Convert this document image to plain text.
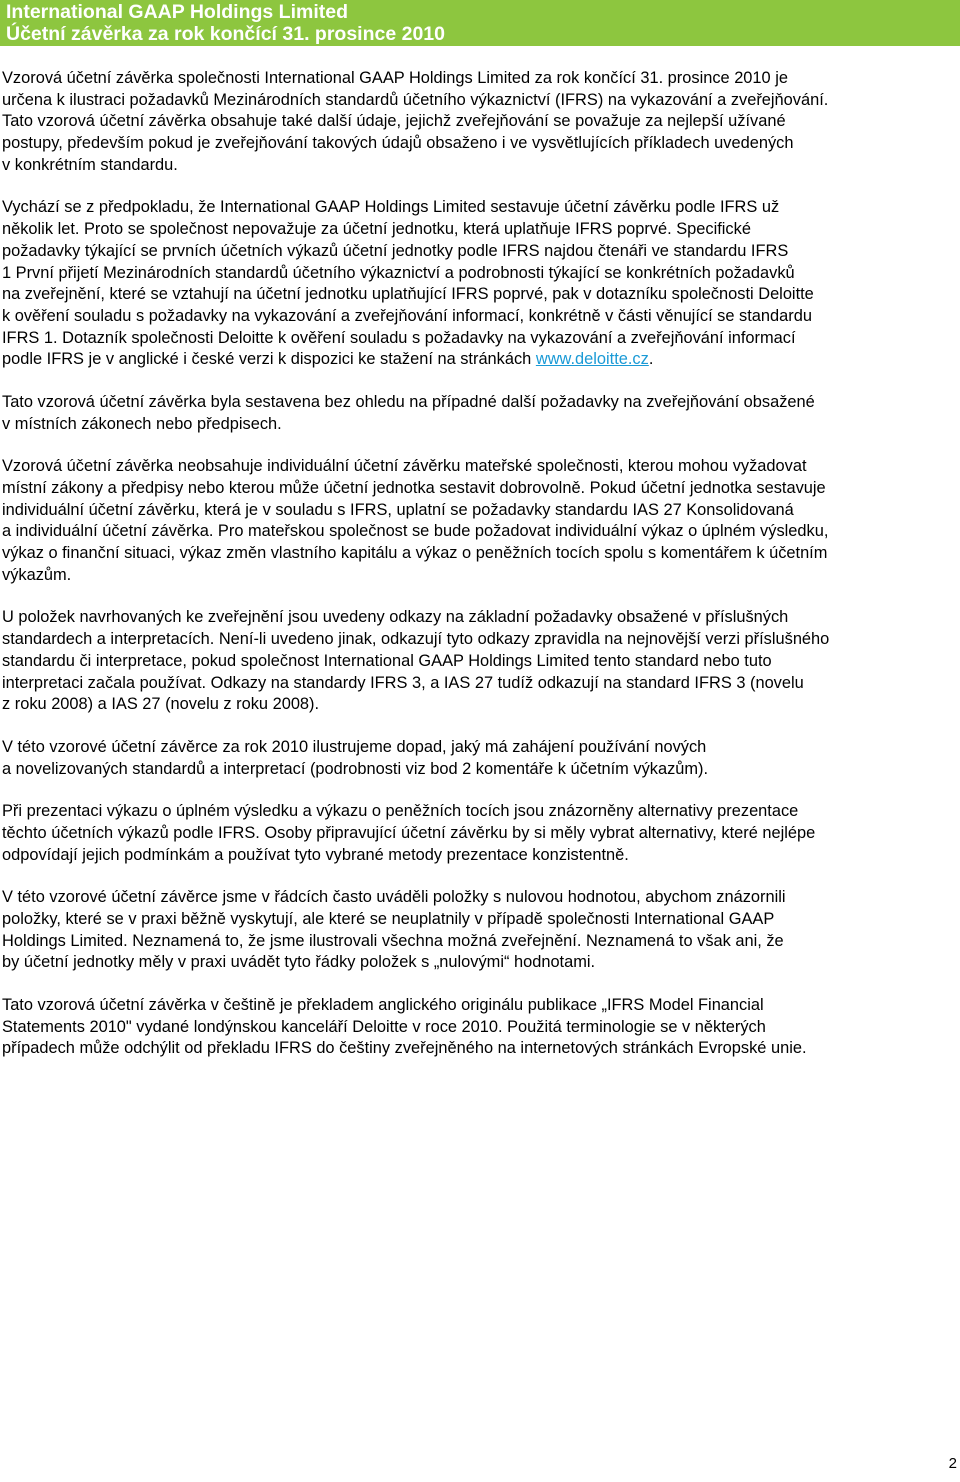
International GAAP Holdings Limited
Účetní závěrka za rok končící 31. prosince 2010
Vzorová účetní závěrka společnosti International GAAP Holdings Limited za rok končící 31. prosince 2010 je
určena k ilustraci požadavků Mezinárodních standardů účetního výkaznictví (IFRS) na vykazování a zveřejňování.
Tato vzorová účetní závěrka obsahuje také další údaje, jejichž zveřejňování se považuje za nejlepší užívané
postupy, především pokud je zveřejňování takových údajů obsaženo i ve vysvětlujících příkladech uvedených
v konkrétním standardu.
Vychází se z předpokladu, že International GAAP Holdings Limited sestavuje účetní závěrku podle IFRS už
několik let. Proto se společnost nepovažuje za účetní jednotku, která uplatňuje IFRS poprvé. Specifické
požadavky týkající se prvních účetních výkazů účetní jednotky podle IFRS najdou čtenáři ve standardu IFRS
1 První přijetí Mezinárodních standardů účetního výkaznictví a podrobnosti týkající se konkrétních požadavků
na zveřejnění, které se vztahují na účetní jednotku uplatňující IFRS poprvé, pak v dotazníku společnosti Deloitte
k ověření souladu s požadavky na vykazování a zveřejňování informací, konkrétně v části věnující se standardu
IFRS 1. Dotazník společnosti Deloitte k ověření souladu s požadavky na vykazování a zveřejňování informací
podle IFRS je v anglické i české verzi k dispozici ke stažení na stránkách www.deloitte.cz.
Tato vzorová účetní závěrka byla sestavena bez ohledu na případné další požadavky na zveřejňování obsažené
v místních zákonech nebo předpisech.
Vzorová účetní závěrka neobsahuje individuální účetní závěrku mateřské společnosti, kterou mohou vyžadovat
místní zákony a předpisy nebo kterou může účetní jednotka sestavit dobrovolně. Pokud účetní jednotka sestavuje
individuální účetní závěrku, která je v souladu s IFRS, uplatní se požadavky standardu IAS 27 Konsolidovaná
a individuální účetní závěrka. Pro mateřskou společnost se bude požadovat individuální výkaz o úplném výsledku,
výkaz o finanční situaci, výkaz změn vlastního kapitálu a výkaz o peněžních tocích spolu s komentářem k účetním
výkazům.
U položek navrhovaných ke zveřejnění jsou uvedeny odkazy na základní požadavky obsažené v příslušných
standardech a interpretacích. Není-li uvedeno jinak, odkazují tyto odkazy zpravidla na nejnovější verzi příslušného
standardu či interpretace, pokud společnost International GAAP Holdings Limited tento standard nebo tuto
interpretaci začala používat. Odkazy na standardy IFRS 3, a IAS 27 tudíž odkazují na standard IFRS 3 (novelu
z roku 2008) a IAS 27 (novelu z roku 2008).
V této vzorové účetní závěrce za rok 2010 ilustrujeme dopad, jaký má zahájení používání nových
a novelizovaných standardů a interpretací (podrobnosti viz bod 2 komentáře k účetním výkazům).
Při prezentaci výkazu o úplném výsledku a výkazu o peněžních tocích jsou znázorněny alternativy prezentace
těchto účetních výkazů podle IFRS. Osoby připravující účetní závěrku by si měly vybrat alternativy, které nejlépe
odpovídají jejich podmínkám a používat tyto vybrané metody prezentace konzistentně.
V této vzorové účetní závěrce jsme v řádcích často uváděli položky s nulovou hodnotou, abychom znázornili
položky, které se v praxi běžně vyskytují, ale které se neuplatnily v případě společnosti International GAAP
Holdings Limited. Neznamená to, že jsme ilustrovali všechna možná zveřejnění. Neznamená to však ani, že
by účetní jednotky měly v praxi uvádět tyto řádky položek s „nulovými“ hodnotami.
Tato vzorová účetní závěrka v češtině je překladem anglického originálu publikace „IFRS Model Financial
Statements 2010" vydané londýnskou kanceláří Deloitte v roce 2010. Použitá terminologie se v některých
případech může odchýlit od překladu IFRS do češtiny zveřejněného na internetových stránkách Evropské unie.
2
